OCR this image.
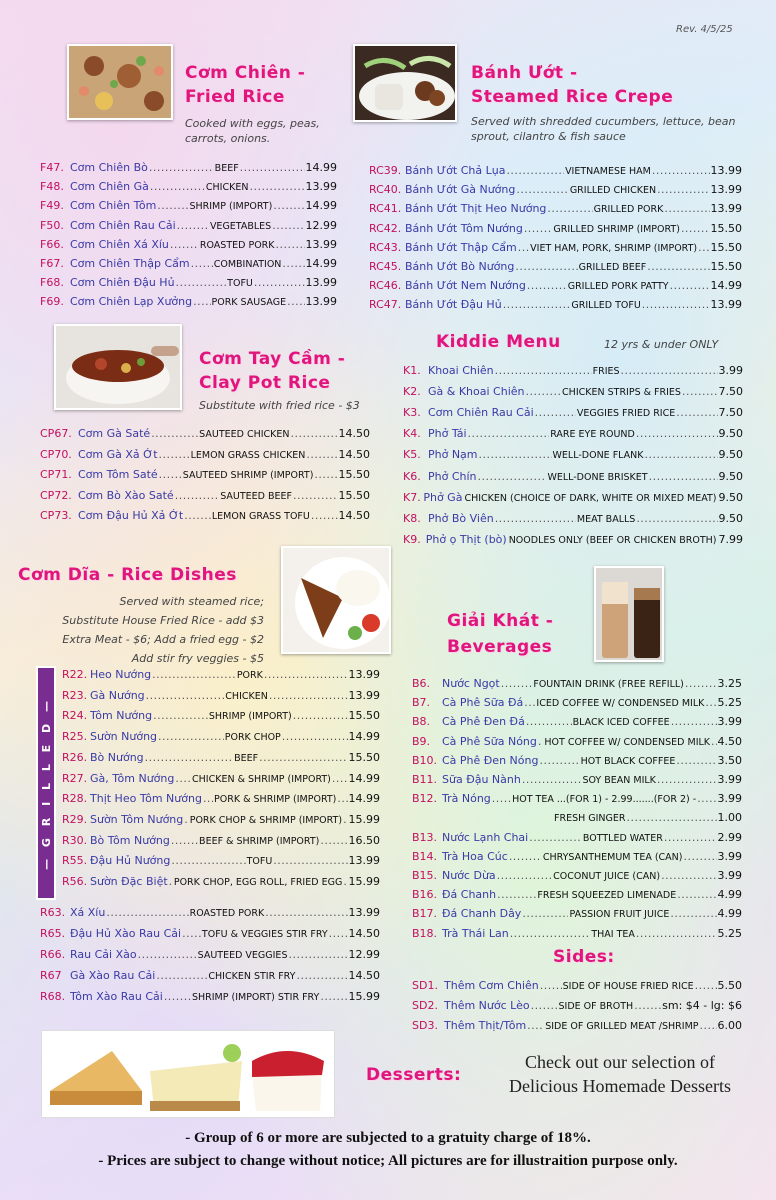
Rev. 4/5/25
Cơm Chiên -
Fried Rice
Cooked with eggs, peas, carrots, onions.
F47. Cơm Chiên Bò .....	BEEF .....	14.99
F48. Cơm Chiên Gà .....	CHICKEN .....	13.99
F49. Cơm Chiên Tôm .....	SHRIMP (IMPORT) .....	14.99
F50. Cơm Chiên Rau Cải .....	VEGETABLES .....	12.99
F66. Cơm Chiên Xá Xíu .....	ROASTED PORK .....	13.99
F67. Cơm Chiên Thập Cẩm .....	COMBINATION ..... 14.99
F68. Cơm Chiên Đậu Hủ .....	TOFU .....	13.99
F69. Cơm Chiên Lạp Xưởng ..... PORK SAUSAGE ..... 13.99
Bánh Ướt -
Steamed Rice Crepe
Served with shredded cucumbers, lettuce, bean sprout, cilantro & fish sauce
RC39. Bánh Ướt Chả Lụa .....	VIETNAMESE HAM .....	13.99
RC40. Bánh Ướt Gà Nướng .....	GRILLED CHICKEN .....	13.99
RC41. Bánh Ướt Thịt Heo Nướng .....	GRILLED PORK .....	13.99
RC42. Bánh Ướt Tôm Nướng .....	GRILLED SHRIMP (IMPORT) .....	15.50
RC43. Bánh Ướt Thập Cẩm ..... VIET HAM, PORK, SHRIMP (IMPORT) ..... 15.50
RC45. Bánh Ướt Bò Nướng .....	GRILLED BEEF .....	15.50
RC46. Bánh Ướt Nem Nướng .....	GRILLED PORK PATTY .....	14.99
RC47. Bánh Ướt Đậu Hủ .....	GRILLED TOFU .....	13.99
Cơm Tay Cầm -
Clay Pot Rice
Substitute with fried rice - $3
CP67. Cơm Gà Saté .....	SAUTEED CHICKEN .....	14.50
CP70. Cơm Gà Xả Ớt .....	LEMON GRASS CHICKEN .....	14.50
CP71. Cơm Tôm Saté .....	SAUTEED SHRIMP (IMPORT) ..... 15.50
CP72. Cơm Bò Xào Saté .....	SAUTEED BEEF .....	15.50
CP73. Cơm Đậu Hủ Xả Ớt .....	LEMON GRASS TOFU .....	14.50
Kiddie Menu	12 yrs & under ONLY
K1. Khoai Chiên .....	FRIES .....	3.99
K2. Gà & Khoai Chiên .....	CHICKEN STRIPS & FRIES .....	7.50
K3. Cơm Chiên Rau Cải .....	VEGGIES FRIED RICE .....	7.50
K4. Phở Tái .....	RARE EYE ROUND .....	9.50
K5. Phở Nạm .....	WELL-DONE FLANK .....	9.50
K6. Phở Chín .....	WELL-DONE BRISKET .....	9.50
K7. Phở Gà CHICKEN (CHOICE OF DARK, WHITE OR MIXED MEAT) 9.50
K8. Phở Bò Viên .....	MEAT BALLS .....	9.50
K9. Phở ọ Thịt (bò) NOODLES ONLY (BEEF OR CHICKEN BROTH) 7.99
Cơm Dĩa - Rice Dishes
Served with steamed rice;
Substitute House Fried Rice - add $3
Extra Meat - $6; Add a fried egg - $2
Add stir fry veggies - $5
— G R I L L E D —
R22. Heo Nướng .....	PORK .....	13.99
R23. Gà Nướng .....	CHICKEN .....	13.99
R24. Tôm Nướng .....	SHRIMP (IMPORT) .....	15.50
R25. Sườn Nướng .....	PORK CHOP .....	14.99
R26. Bò Nướng .....	BEEF .....	15.50
R27. Gà, Tôm Nướng ..... CHICKEN & SHRIMP (IMPORT) ..... 14.99
R28. Thịt Heo Tôm Nướng ..... PORK & SHRIMP (IMPORT) ..... 14.99
R29. Sườn Tôm Nướng ..... PORK CHOP & SHRIMP (IMPORT) ..... 15.99
R30. Bò Tôm Nướng .....	BEEF & SHRIMP (IMPORT) .....	16.50
R55. Đậu Hủ Nướng .....	TOFU .....	13.99
R56. Sườn Đặc Biệt ..... PORK CHOP, EGG ROLL, FRIED EGG ..... 15.99
R63. Xá Xíu .....	ROASTED PORK .....	13.99
R65. Đậu Hủ Xào Rau Cải ..... TOFU & VEGGIES STIR FRY ..... 14.50
R66. Rau Cải Xào .....	SAUTEED VEGGIES .....	12.99
R67 Gà Xào Rau Cải .....	CHICKEN STIR FRY .....	14.50
R68. Tôm Xào Rau Cải .....	SHRIMP (IMPORT) STIR FRY .....	15.99
Giải Khát -
Beverages
B6.	Nước Ngọt .....	FOUNTAIN DRINK (FREE REFILL) .....	3.25
B7.	Cà Phê Sữa Đá ..... ICED COFFEE W/ CONDENSED MILK ..... 5.25
B8.	Cà Phê Đen Đá .....	BLACK ICED COFFEE .....	3.99
B9.	Cà Phê Sữa Nóng ..... HOT COFFEE W/ CONDENSED MILK ..... 4.50
B10. Cà Phê Đen Nóng .....	HOT BLACK COFFEE .....	3.50
B11. Sữa Đậu Nành .....	SOY BEAN MILK .....	3.99
B12. Trà Nóng ..... HOT TEA ...(FOR 1) - 2.99.......(FOR 2) - ..... 3.99
FRESH GINGER .....	1.00
B13. Nước Lạnh Chai .....	BOTTLED WATER .....	2.99
B14. Trà Hoa Cúc .....	CHRYSANTHEMUM TEA (CAN) .....	3.99
B15. Nước Dừa .....	COCONUT JUICE (CAN) .....	3.99
B16. Đá Chanh .....	FRESH SQUEEZED LIMENADE .....	4.99
B17. Đá Chanh Dây .....	PASSION FRUIT JUICE .....	4.99
B18. Trà Thái Lan .....	THAI TEA .....	5.25
Sides:
SD1. Thêm Cơm Chiên .....	SIDE OF HOUSE FRIED RICE ..... 5.50
SD2. Thêm Nước Lèo .....	SIDE OF BROTH .....	sm: $4 - lg: $6
SD3. Thêm Thịt/Tôm ..... SIDE OF GRILLED MEAT /SHRIMP ..... 6.00
Desserts:
Check out our selection of
Delicious Homemade Desserts
- Group of 6 or more are subjected to a gratuity charge of 18%.
- Prices are subject to change without notice; All pictures are for illustraition purpose only.
